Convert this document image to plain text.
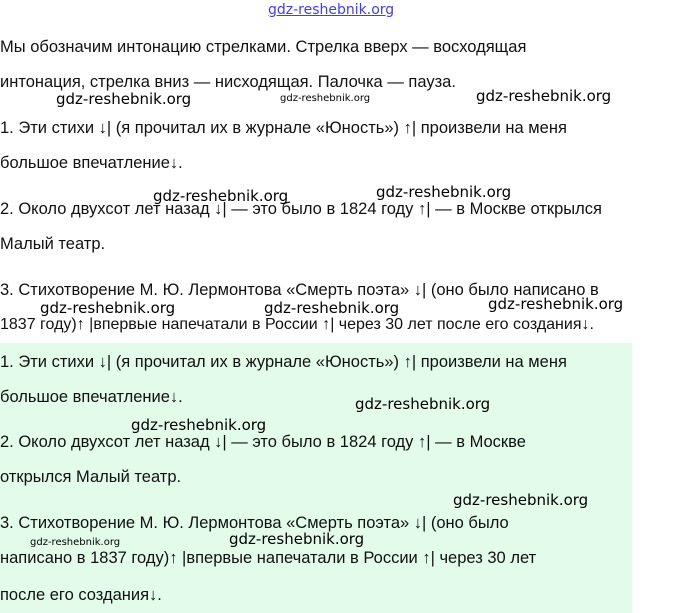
gdz-reshebnik.org
Мы обозначим интонацию стрелками. Стрелка вверх — восходящая
интонация, стрелка вниз — нисходящая. Палочка — пауза.
1. Эти стихи ↓| (я прочитал их в журнале «Юность») ↑| произвели на меня
большое впечатление↓.
2. Около двухсот лет назад ↓| — это было в 1824 году ↑| — в Москве открылся
Малый театр.
3. Стихотворение М. Ю. Лермонтова «Смерть поэта» ↓| (оно было написано в
1837 году)↑ |впервые напечатали в России ↑| через 30 лет после его создания↓.
1. Эти стихи ↓| (я прочитал их в журнале «Юность») ↑| произвели на меня
большое впечатление↓.
2. Около двухсот лет назад ↓| — это было в 1824 году ↑| — в Москве
открылся Малый театр.
3. Стихотворение М. Ю. Лермонтова «Смерть поэта» ↓| (оно было
написано в 1837 году)↑ |впервые напечатали в России ↑| через 30 лет
после его создания↓.
gdz-reshebnik.org	gdz-reshebnik.org	gdz-reshebnik.org
gdz-reshebnik.org	gdz-reshebnik.org
gdz-reshebnik.org	gdz-reshebnik.org	gdz-reshebnik.org
gdz-reshebnik.org
gdz-reshebnik.org
gdz-reshebnik.org
gdz-reshebnik.org	gdz-reshebnik.org
